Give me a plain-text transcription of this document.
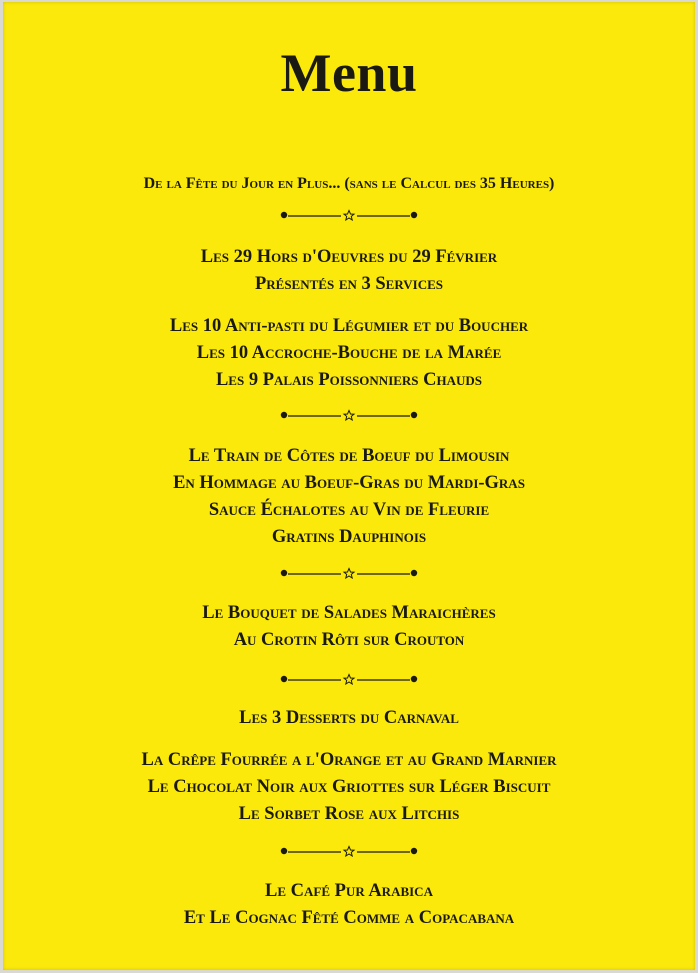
Menu
De la Fête du Jour en Plus... (sans le Calcul des 35 Heures)
Les 29 Hors d'Oeuvres du 29 Février
Présentés en 3 Services
Les 10 Anti-pasti du Légumier et du Boucher
Les 10 Accroche-Bouche de la Marée
Les 9 Palais Poissonniers Chauds
Le Train de Côtes de Boeuf du Limousin
En Hommage au Boeuf-Gras du Mardi-Gras
Sauce Échalotes au Vin de Fleurie
Gratins Dauphinois
Le Bouquet de Salades Maraichères
Au Crotin Rôti sur Crouton
Les 3 Desserts du Carnaval
La Crêpe Fourrée a l'Orange et au Grand Marnier
Le Chocolat Noir aux Griottes sur Léger Biscuit
Le Sorbet Rose aux Litchis
Le Café Pur Arabica
Et Le Cognac Fêté Comme a Copacabana
